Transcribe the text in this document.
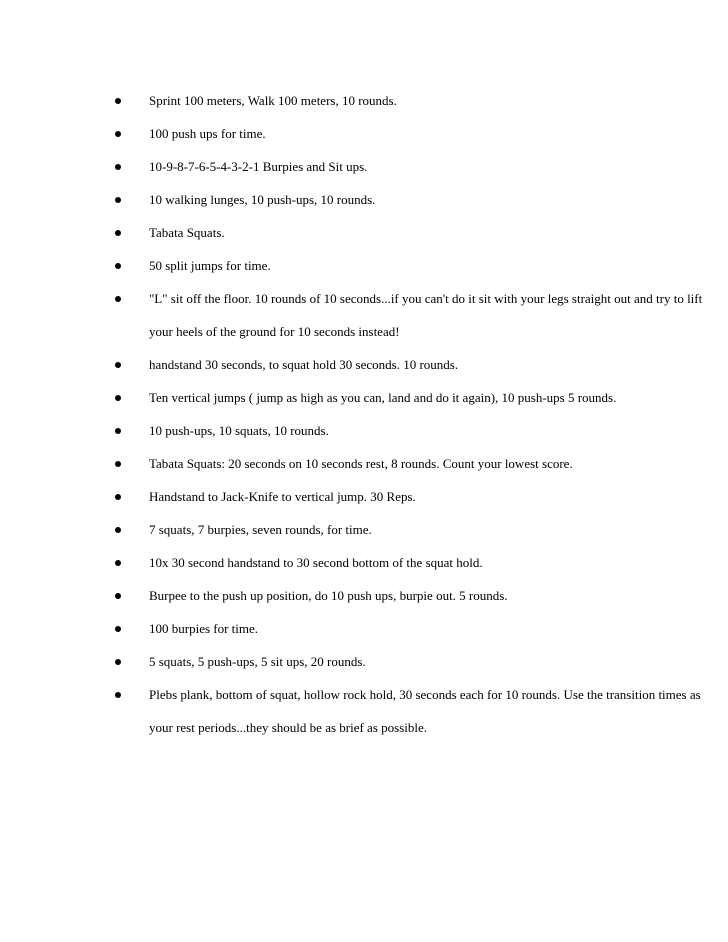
Sprint 100 meters, Walk 100 meters, 10 rounds.
100 push ups for time.
10-9-8-7-6-5-4-3-2-1 Burpies and Sit ups.
10 walking lunges, 10 push-ups, 10 rounds.
Tabata Squats.
50 split jumps for time.
"L" sit off the floor. 10 rounds of 10 seconds...if you can't do it sit with your legs straight out and try to lift your heels of the ground for 10 seconds instead!
handstand 30 seconds, to squat hold 30 seconds. 10 rounds.
Ten vertical jumps ( jump as high as you can, land and do it again), 10 push-ups 5 rounds.
10 push-ups, 10 squats, 10 rounds.
Tabata Squats: 20 seconds on 10 seconds rest, 8 rounds. Count your lowest score.
Handstand to Jack-Knife to vertical jump. 30 Reps.
7 squats, 7 burpies, seven rounds, for time.
10x 30 second handstand to 30 second bottom of the squat hold.
Burpee to the push up position, do 10 push ups, burpie out. 5 rounds.
100 burpies for time.
5 squats, 5 push-ups, 5 sit ups, 20 rounds.
Plebs plank, bottom of squat, hollow rock hold, 30 seconds each for 10 rounds. Use the transition times as your rest periods...they should be as brief as possible.
